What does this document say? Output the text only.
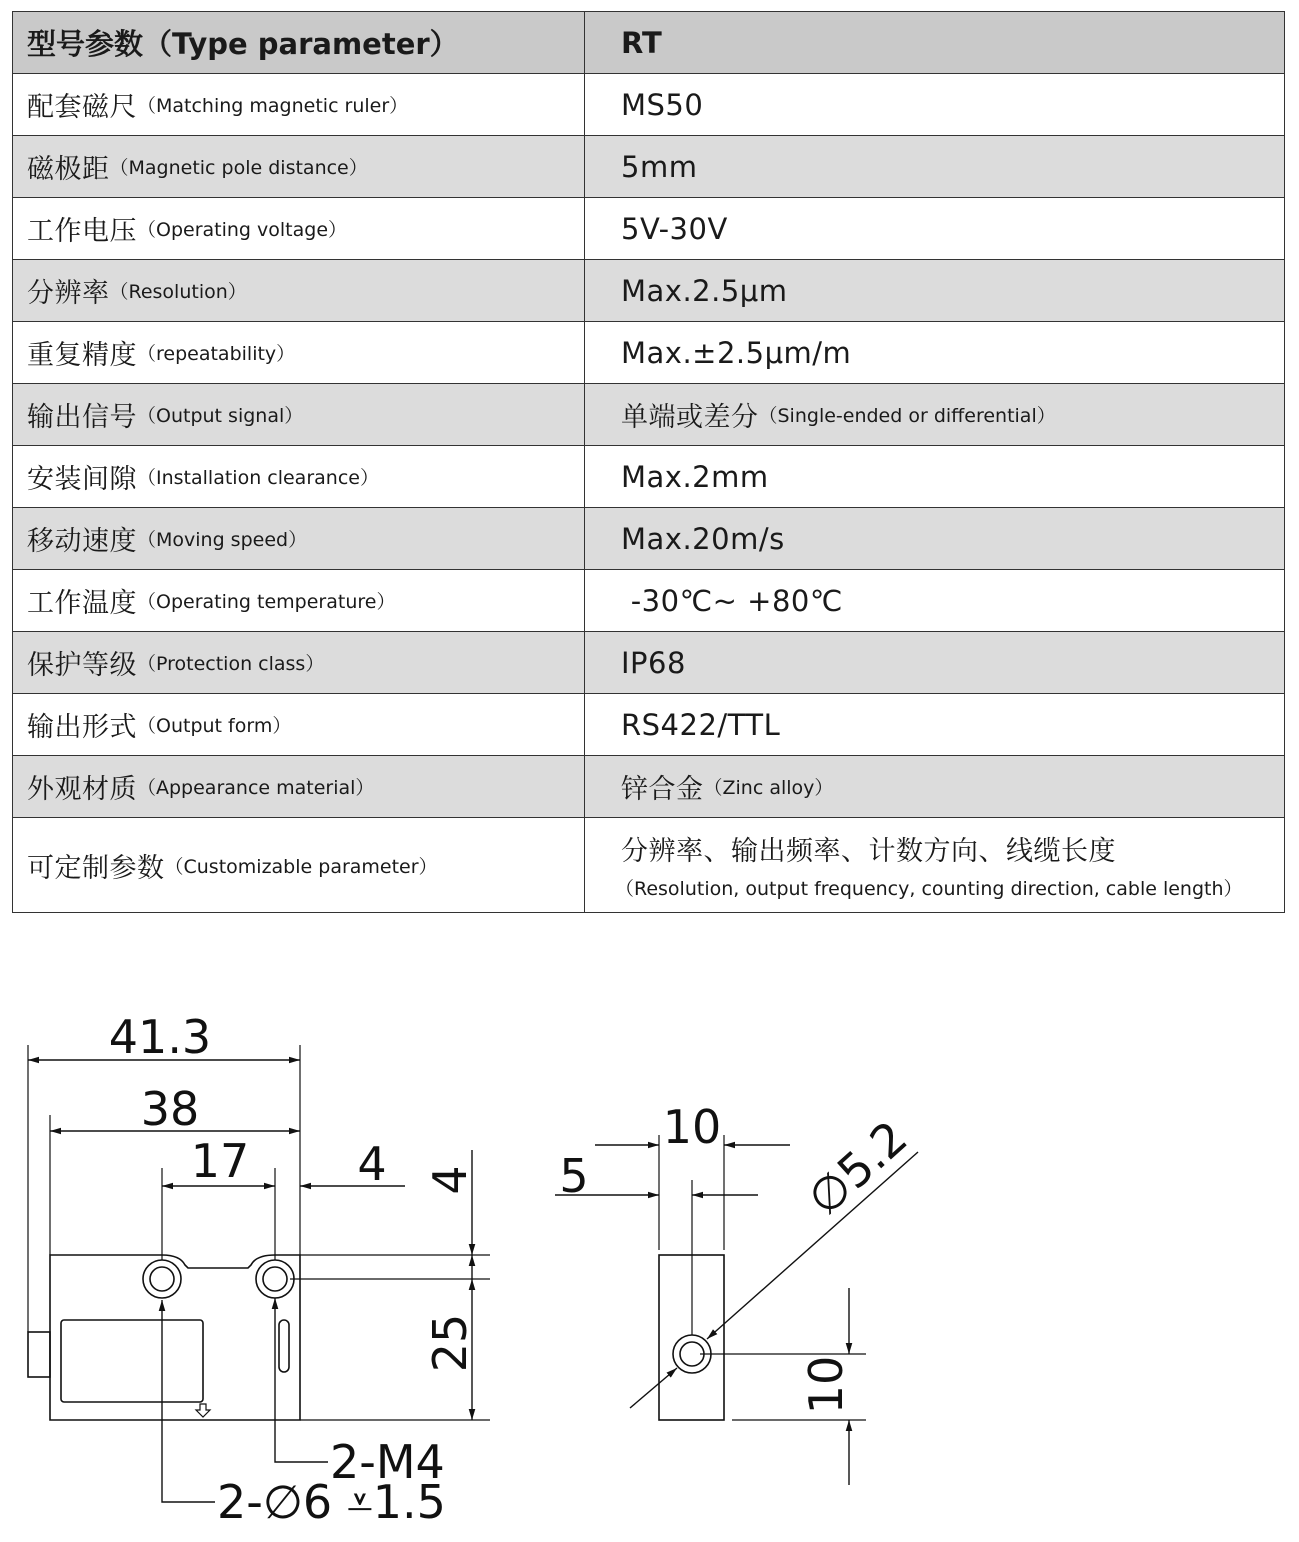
型号参数（Type parameter）	RT
配套磁尺 （Matching magnetic ruler）	MS50
磁极距 （Magnetic pole distance）	5mm
工作电压 （Operating voltage）	5V-30V
分辨率 （Resolution）	Max.2.5μm
重复精度 （repeatability）	Max.±2.5μm/m
输出信号 （Output signal）	单端或差分 （Single-ended or differential）
安装间隙 （Installation clearance）	Max.2mm
移动速度 （Moving speed）	Max.20m/s
工作温度 （Operating temperature）	-30℃~ +80℃
保护等级 （Protection class）	IP68
输出形式 （Output form）	RS422/TTL
外观材质 （Appearance material）	锌合金 （Zinc alloy）
可定制参数 （Customizable parameter）	分辨率、输出频率、计数方向、线缆长度
（Resolution, output frequency, counting direction, cable length）
41.3
38
17 4 4
25
2-M4
2-∅6 ⩡1.5
10
5
10
∅5.2
